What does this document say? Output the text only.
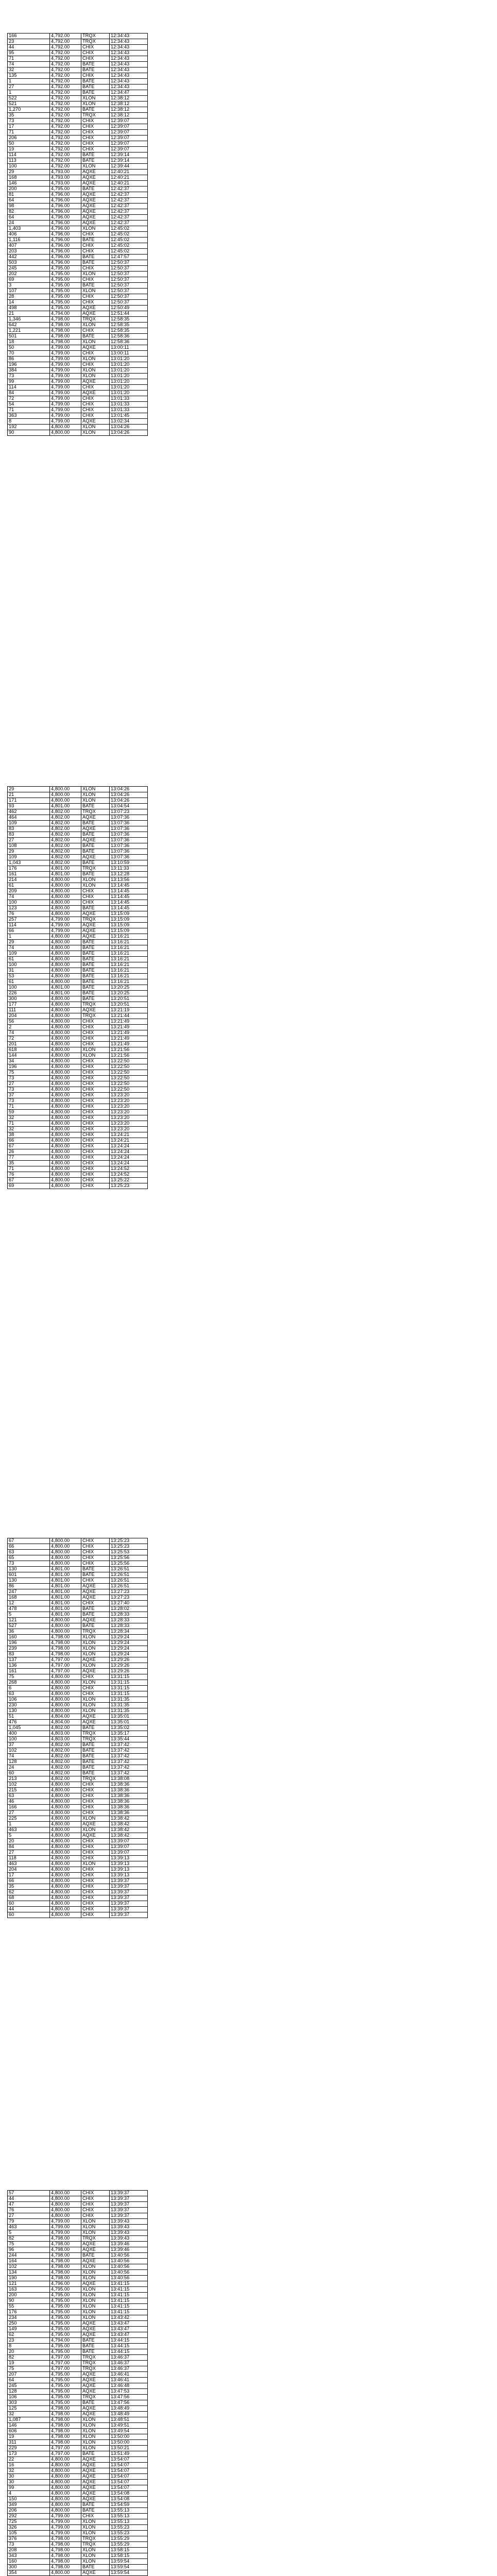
166	4,792.00	TRQX	12:34:43
23	4,792.00	TRQX	12:34:43
44	4,792.00	CHIX	12:34:43
95	4,792.00	CHIX	12:34:43
71	4,792.00	CHIX	12:34:43
74	4,792.00	BATE	12:34:43
32	4,792.00	BATE	12:34:43
135	4,792.00	CHIX	12:34:43
1	4,792.00	BATE	12:34:43
27	4,792.00	BATE	12:34:43
1	4,792.00	BATE	12:34:47
522	4,792.00	XLON	12:38:12
521	4,792.00	XLON	12:38:12
1,270	4,792.00	BATE	12:38:12
35	4,792.00	TRQX	12:38:12
73	4,792.00	CHIX	12:39:07
17	4,792.00	CHIX	12:39:07
71	4,792.00	CHIX	12:39:07
206	4,792.00	CHIX	12:39:07
50	4,792.00	CHIX	12:39:07
19	4,792.00	CHIX	12:39:07
114	4,792.00	BATE	12:39:14
113	4,792.00	BATE	12:39:14
100	4,792.00	XLON	12:39:44
29	4,793.00	AQXE	12:40:21
168	4,793.00	AQXE	12:40:21
146	4,793.00	AQXE	12:40:21
200	4,795.00	BATE	12:42:37
81	4,796.00	AQXE	12:42:37
64	4,796.00	AQXE	12:42:37
98	4,796.00	AQXE	12:42:37
82	4,796.00	AQXE	12:42:37
64	4,796.00	AQXE	12:42:37
24	4,796.00	AQXE	12:42:37
1,403	4,796.00	XLON	12:45:02
406	4,796.00	CHIX	12:45:02
1,116	4,796.00	BATE	12:45:02
407	4,796.00	CHIX	12:45:02
203	4,796.00	CHIX	12:45:02
442	4,796.00	BATE	12:47:57
503	4,796.00	BATE	12:50:37
245	4,795.00	CHIX	12:50:37
202	4,795.00	XLON	12:50:37
69	4,795.00	CHIX	12:50:37
3	4,795.00	BATE	12:50:37
107	4,795.00	XLON	12:50:37
28	4,795.00	CHIX	12:50:37
14	4,795.00	CHIX	12:50:37
498	4,795.00	AQXE	12:50:49
21	4,794.00	AQXE	12:51:44
1,346	4,798.00	TRQX	12:58:35
642	4,798.00	XLON	12:58:35
1,221	4,798.00	CHIX	12:58:35
501	4,798.00	BATE	12:58:36
18	4,798.00	XLON	12:58:36
50	4,799.00	AQXE	13:00:11
70	4,799.00	CHIX	13:00:11
86	4,799.00	XLON	13:01:20
196	4,799.00	CHIX	13:01:20
384	4,799.00	XLON	13:01:20
73	4,799.00	XLON	13:01:20
99	4,799.00	AQXE	13:01:20
114	4,799.00	CHIX	13:01:20
84	4,799.00	AQXE	13:01:20
72	4,799.00	CHIX	13:01:33
54	4,799.00	CHIX	13:01:33
71	4,799.00	CHIX	13:01:33
363	4,799.00	CHIX	13:01:45
8	4,799.00	AQXE	13:02:34
192	4,800.00	XLON	13:04:26
90	4,800.00	XLON	13:04:26
29	4,800.00	XLON	13:04:26
21	4,800.00	XLON	13:04:26
171	4,800.00	XLON	13:04:26
93	4,801.00	BATE	13:04:54
462	4,802.00	TRQX	13:07:23
464	4,802.00	AQXE	13:07:36
109	4,802.00	BATE	13:07:36
83	4,802.00	AQXE	13:07:36
83	4,802.00	BATE	13:07:36
27	4,802.00	AQXE	13:07:36
108	4,802.00	BATE	13:07:36
29	4,802.00	BATE	13:07:36
109	4,802.00	AQXE	13:07:36
1,043	4,802.00	BATE	13:10:59
176	4,801.00	TRQX	13:11:33
161	4,801.00	BATE	13:12:28
214	4,800.00	XLON	13:13:56
61	4,800.00	XLON	13:14:45
209	4,800.00	CHIX	13:14:45
74	4,800.00	CHIX	13:14:45
100	4,800.00	CHIX	13:14:45
123	4,800.00	BATE	13:14:45
76	4,800.00	AQXE	13:15:09
257	4,799.00	TRQX	13:15:09
114	4,799.00	AQXE	13:15:09
66	4,799.00	AQXE	13:15:09
1	4,800.00	AQXE	13:16:21
29	4,800.00	BATE	13:16:21
74	4,800.00	BATE	13:16:21
109	4,800.00	BATE	13:16:21
61	4,800.00	BATE	13:16:21
100	4,800.00	BATE	13:16:21
31	4,800.00	BATE	13:16:21
53	4,800.00	BATE	13:16:21
61	4,800.00	BATE	13:16:21
100	4,801.00	BATE	13:20:25
226	4,801.00	BATE	13:20:25
300	4,800.00	BATE	13:20:51
177	4,800.00	TRQX	13:20:51
111	4,800.00	AQXE	13:21:19
204	4,800.00	TRQX	13:21:44
56	4,800.00	CHIX	13:21:49
2	4,800.00	CHIX	13:21:49
74	4,800.00	CHIX	13:21:49
72	4,800.00	CHIX	13:21:49
201	4,800.00	CHIX	13:21:49
618	4,800.00	XLON	13:21:56
144	4,800.00	XLON	13:21:56
34	4,800.00	CHIX	13:22:50
196	4,800.00	CHIX	13:22:50
75	4,800.00	CHIX	13:22:50
73	4,800.00	CHIX	13:22:50
27	4,800.00	CHIX	13:22:50
73	4,800.00	CHIX	13:22:50
37	4,800.00	CHIX	13:23:20
73	4,800.00	CHIX	13:23:20
71	4,800.00	CHIX	13:23:20
59	4,800.00	CHIX	13:23:20
32	4,800.00	CHIX	13:23:20
71	4,800.00	CHIX	13:23:20
32	4,800.00	CHIX	13:23:20
38	4,800.00	CHIX	13:24:21
66	4,800.00	CHIX	13:24:21
67	4,800.00	CHIX	13:24:24
26	4,800.00	CHIX	13:24:24
77	4,800.00	CHIX	13:24:24
35	4,800.00	CHIX	13:24:24
71	4,800.00	CHIX	13:24:52
76	4,800.00	CHIX	13:24:52
67	4,800.00	CHIX	13:25:22
69	4,800.00	CHIX	13:25:23
67	4,800.00	CHIX	13:25:23
66	4,800.00	CHIX	13:25:23
63	4,800.00	CHIX	13:25:53
65	4,800.00	CHIX	13:25:56
73	4,800.00	CHIX	13:25:56
130	4,801.00	BATE	13:26:51
601	4,801.00	BATE	13:26:51
130	4,801.00	CHIX	13:26:51
86	4,801.00	AQXE	13:26:51
247	4,801.00	AQXE	13:27:23
168	4,801.00	AQXE	13:27:23
12	4,801.00	CHIX	13:27:40
478	4,801.00	BATE	13:28:02
5	4,801.00	BATE	13:28:33
121	4,800.00	AQXE	13:28:33
527	4,800.00	BATE	13:28:33
36	4,800.00	TRQX	13:28:34
160	4,798.00	XLON	13:29:24
196	4,798.00	XLON	13:29:24
239	4,798.00	XLON	13:29:24
83	4,798.00	XLON	13:29:24
137	4,797.00	AQXE	13:29:26
136	4,797.00	XLON	13:29:26
161	4,797.00	AQXE	13:29:26
75	4,800.00	CHIX	13:31:15
268	4,800.00	XLON	13:31:15
6	4,800.00	CHIX	13:31:15
63	4,800.00	CHIX	13:31:15
106	4,800.00	XLON	13:31:35
230	4,800.00	XLON	13:31:35
130	4,800.00	XLON	13:31:35
51	4,804.00	AQXE	13:35:01
476	4,804.00	AQXE	13:35:01
1,045	4,802.00	BATE	13:35:02
400	4,803.00	TRQX	13:35:17
100	4,803.00	TRQX	13:35:44
37	4,802.00	BATE	13:37:42
102	4,802.00	BATE	13:37:42
74	4,802.00	BATE	13:37:42
128	4,802.00	BATE	13:37:42
24	4,802.00	BATE	13:37:42
60	4,802.00	BATE	13:37:42
213	4,802.00	TRQX	13:38:08
102	4,800.00	CHIX	13:38:36
215	4,800.00	CHIX	13:38:36
63	4,800.00	CHIX	13:38:36
46	4,800.00	CHIX	13:38:36
166	4,800.00	CHIX	13:38:36
27	4,800.00	CHIX	13:38:36
225	4,800.00	XLON	13:38:42
1	4,800.00	AQXE	13:38:42
463	4,800.00	XLON	13:38:42
5	4,800.00	AQXE	13:38:42
20	4,800.00	CHIX	13:39:07
84	4,800.00	CHIX	13:39:07
27	4,800.00	CHIX	13:39:07
118	4,800.00	CHIX	13:39:13
463	4,800.00	XLON	13:39:13
204	4,800.00	CHIX	13:39:13
17	4,800.00	CHIX	13:39:13
66	4,800.00	CHIX	13:39:37
35	4,800.00	CHIX	13:39:37
62	4,800.00	CHIX	13:39:37
68	4,800.00	CHIX	13:39:37
60	4,800.00	CHIX	13:39:37
44	4,800.00	CHIX	13:39:37
60	4,800.00	CHIX	13:39:37
57	4,800.00	CHIX	13:39:37
44	4,800.00	CHIX	13:39:37
47	4,800.00	CHIX	13:39:37
76	4,800.00	CHIX	13:39:37
27	4,800.00	CHIX	13:39:37
79	4,799.00	XLON	13:39:43
463	4,799.00	XLON	13:39:43
5	4,799.00	XLON	13:39:43
82	4,798.00	TRQX	13:39:43
75	4,798.00	AQXE	13:39:46
96	4,798.00	AQXE	13:39:46
244	4,798.00	BATE	13:40:56
164	4,798.00	AQXE	13:40:56
102	4,798.00	XLON	13:40:56
134	4,798.00	XLON	13:40:56
190	4,798.00	XLON	13:40:56
121	4,796.00	AQXE	13:41:15
163	4,795.00	XLON	13:41:15
200	4,795.00	XLON	13:41:15
90	4,795.00	XLON	13:41:15
55	4,795.00	XLON	13:41:15
176	4,795.00	XLON	13:41:15
234	4,795.00	XLON	13:43:42
250	4,795.00	AQXE	13:43:47
149	4,795.00	AQXE	13:43:47
62	4,795.00	AQXE	13:43:47
23	4,794.00	BATE	13:44:15
8	4,795.00	BATE	13:44:15
20	4,795.00	BATE	13:44:15
82	4,797.00	TRQX	13:46:37
19	4,797.00	TRQX	13:46:37
75	4,797.00	TRQX	13:46:37
207	4,795.00	AQXE	13:46:41
64	4,795.00	AQXE	13:46:41
245	4,795.00	AQXE	13:46:48
128	4,795.00	AQXE	13:47:53
106	4,795.00	TRQX	13:47:56
303	4,795.00	BATE	13:47:56
125	4,798.00	AQXE	13:48:49
32	4,798.00	AQXE	13:48:49
1,087	4,798.00	XLON	13:48:51
146	4,798.00	XLON	13:49:51
606	4,798.00	XLON	13:49:54
19	4,798.00	XLON	13:50:00
311	4,798.00	XLON	13:50:00
229	4,797.00	XLON	13:50:21
173	4,797.00	BATE	13:51:49
22	4,800.00	AQXE	13:54:07
16	4,800.00	AQXE	13:54:07
32	4,800.00	AQXE	13:54:07
30	4,800.00	AQXE	13:54:07
30	4,800.00	AQXE	13:54:07
99	4,800.00	AQXE	13:54:07
4	4,800.00	AQXE	13:54:08
150	4,800.00	AQXE	13:54:08
349	4,800.00	BATE	13:54:59
206	4,800.00	BATE	13:55:13
292	4,799.00	CHIX	13:55:13
725	4,799.00	XLON	13:55:13
326	4,799.00	XLON	13:55:23
105	4,799.00	XLON	13:55:23
376	4,798.00	TRQX	13:55:29
73	4,798.00	TRQX	13:55:29
208	4,798.00	XLON	13:58:15
343	4,798.00	XLON	13:58:15
160	4,798.00	XLON	13:59:54
300	4,798.00	BATE	13:59:54
354	4,800.00	AQXE	13:59:54
